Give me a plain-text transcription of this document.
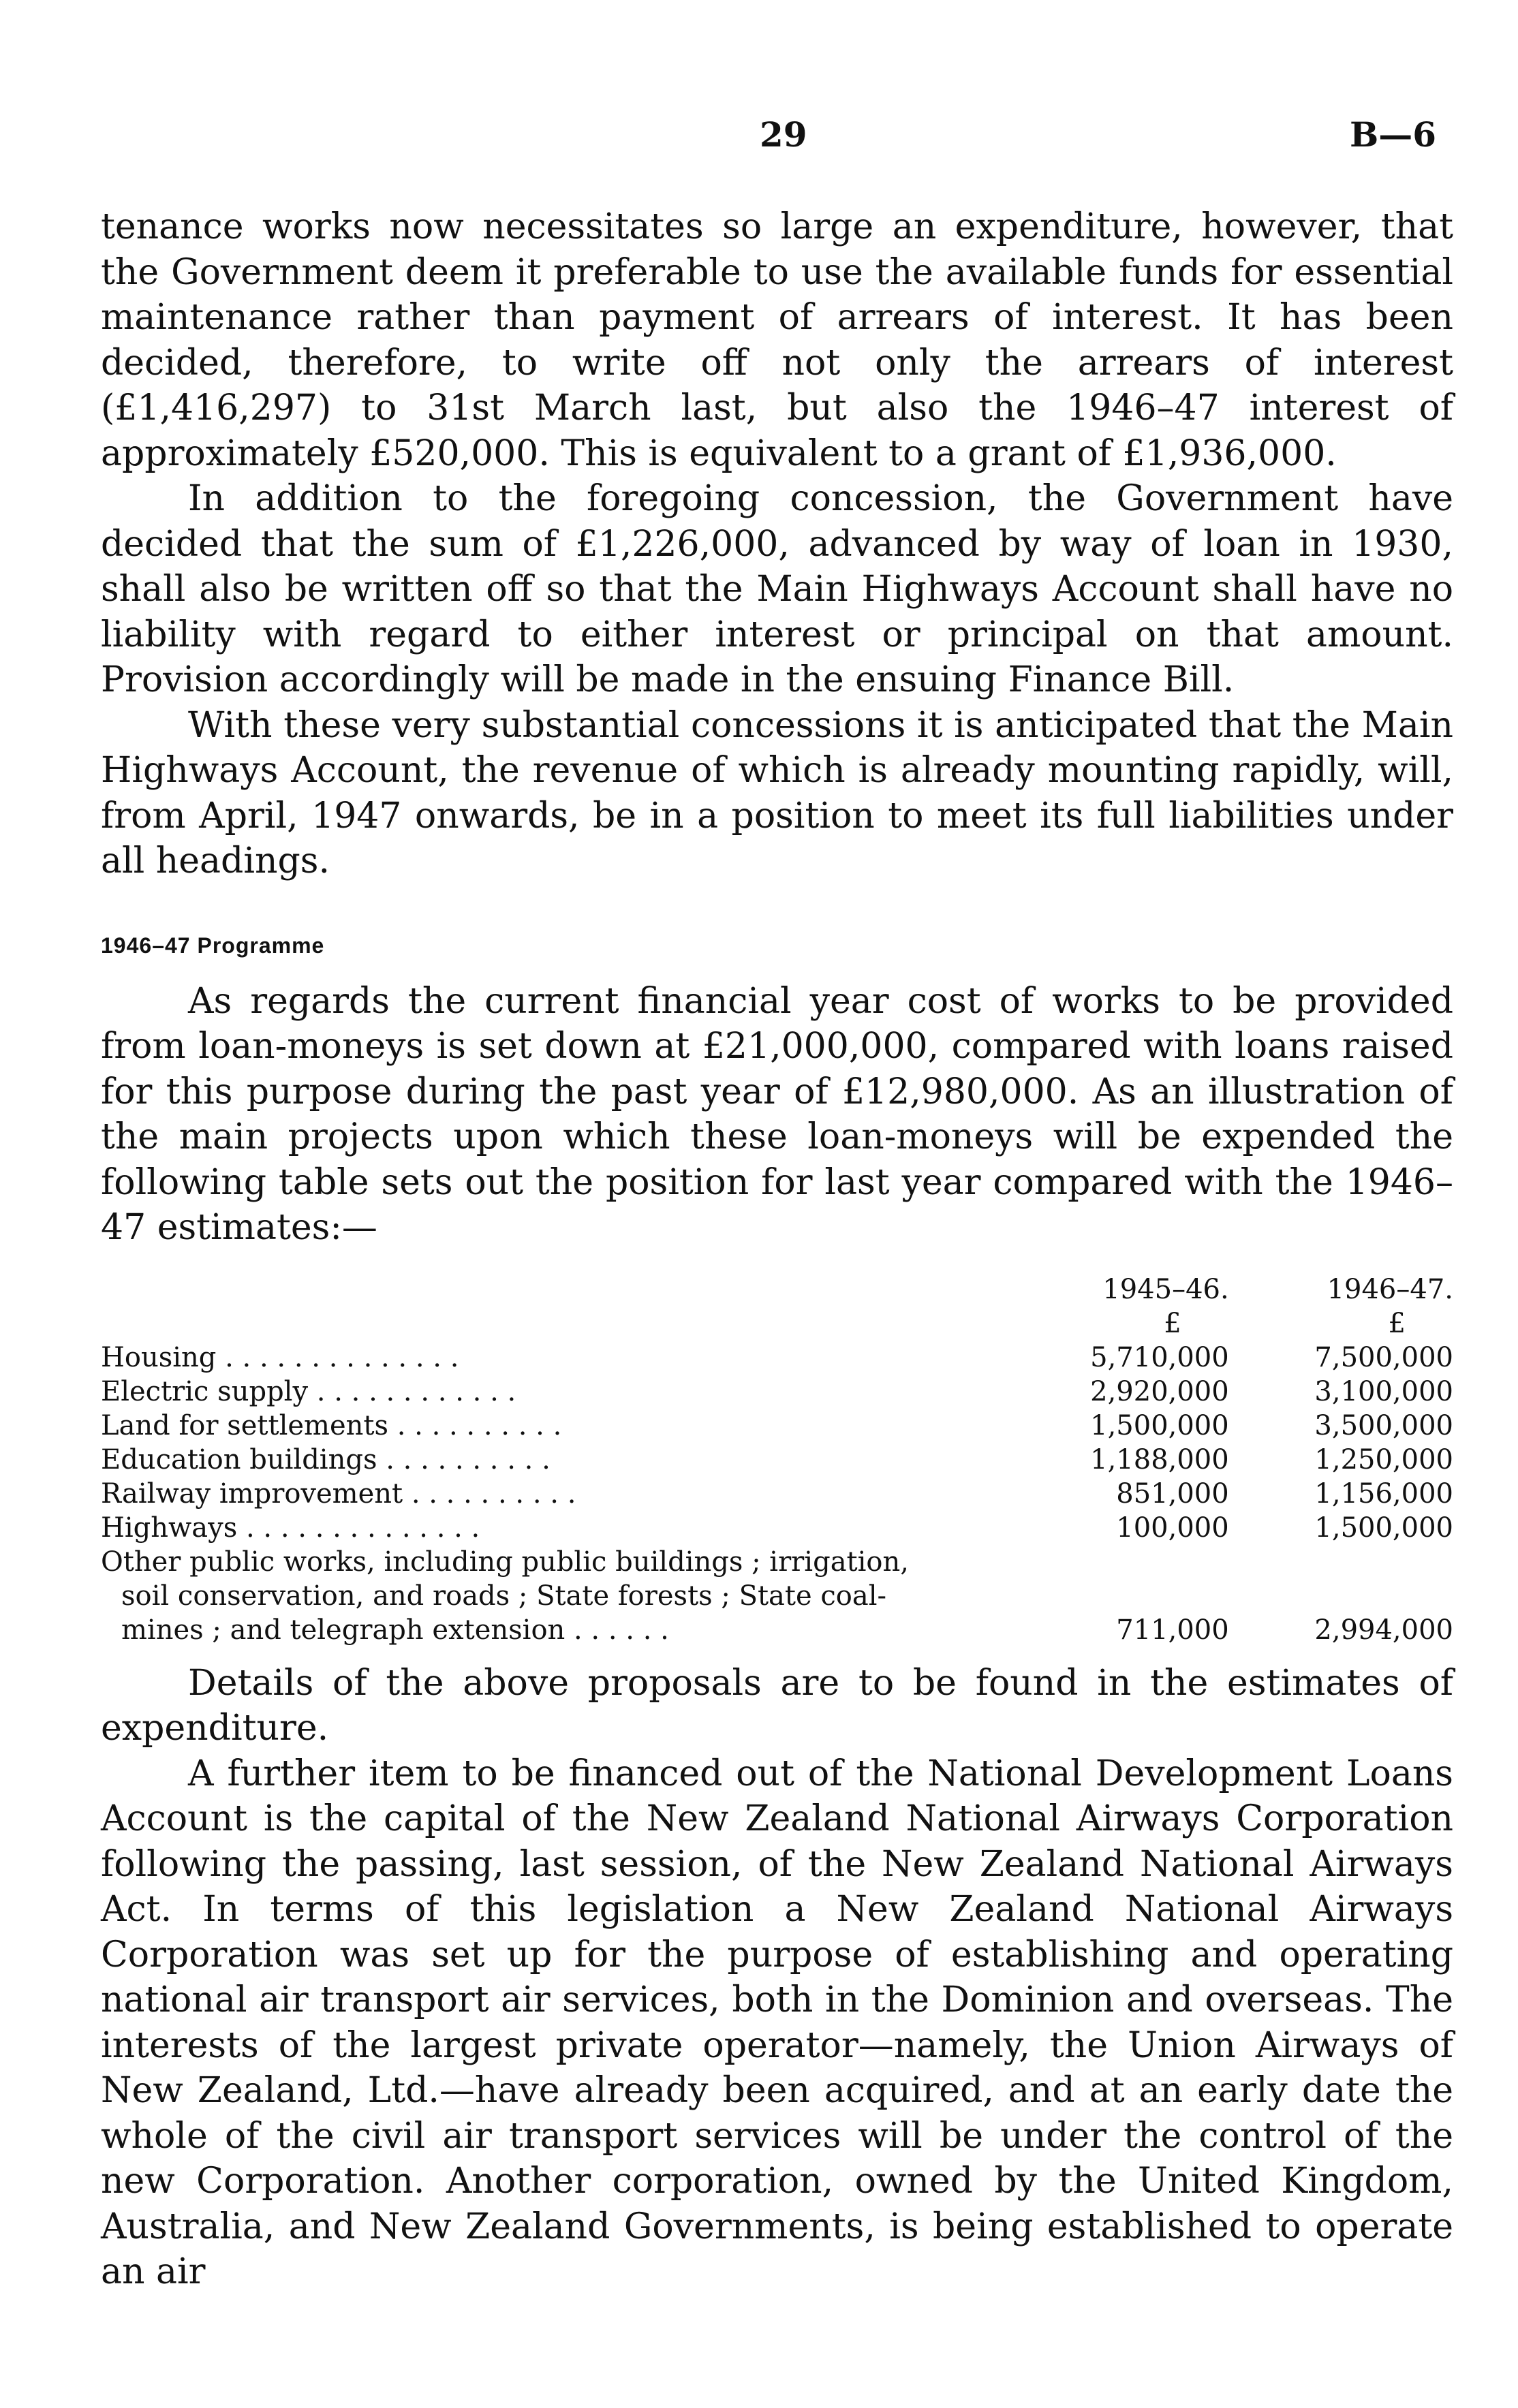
29	B—6

tenance works now necessitates so large an expenditure, however, that the Government deem it preferable to use the available funds for essential maintenance rather than payment of arrears of interest. It has been decided, therefore, to write off not only the arrears of interest (£1,416,297) to 31st March last, but also the 1946–47 interest of approximately £520,000. This is equivalent to a grant of £1,936,000.

In addition to the foregoing concession, the Government have decided that the sum of £1,226,000, advanced by way of loan in 1930, shall also be written off so that the Main Highways Account shall have no liability with regard to either interest or principal on that amount. Provision accordingly will be made in the ensuing Finance Bill.

With these very substantial concessions it is anticipated that the Main Highways Account, the revenue of which is already mounting rapidly, will, from April, 1947 onwards, be in a position to meet its full liabilities under all headings.

1946–47 Programme

As regards the current financial year cost of works to be provided from loan-moneys is set down at £21,000,000, compared with loans raised for this purpose during the past year of £12,980,000. As an illustration of the main projects upon which these loan-moneys will be expended the following table sets out the position for last year compared with the 1946–47 estimates:—

	1945–46.	1946–47.
	£	£

Housing . . . . . . . . . . . . . .	5,710,000	7,500,000

Electric supply . . . . . . . . . . . .	2,920,000	3,100,000

Land for settlements . . . . . . . . . .	1,500,000	3,500,000

Education buildings . . . . . . . . . .	1,188,000	1,250,000

Railway improvement . . . . . . . . . .	851,000	1,156,000

Highways . . . . . . . . . . . . . .	100,000	1,500,000

Other public works, including public buildings ; irrigation,
soil conservation, and roads ; State forests ; State coal-
mines ; and telegraph extension . . . . . .	711,000	2,994,000

Details of the above proposals are to be found in the estimates of expenditure.

A further item to be financed out of the National Development Loans Account is the capital of the New Zealand National Airways Corporation following the passing, last session, of the New Zealand National Airways Act. In terms of this legislation a New Zealand National Airways Corporation was set up for the purpose of establishing and operating national air transport air services, both in the Dominion and overseas. The interests of the largest private operator—namely, the Union Airways of New Zealand, Ltd.—have already been acquired, and at an early date the whole of the civil air transport services will be under the control of the new Corporation. Another corporation, owned by the United Kingdom, Australia, and New Zealand Governments, is being established to operate an air
